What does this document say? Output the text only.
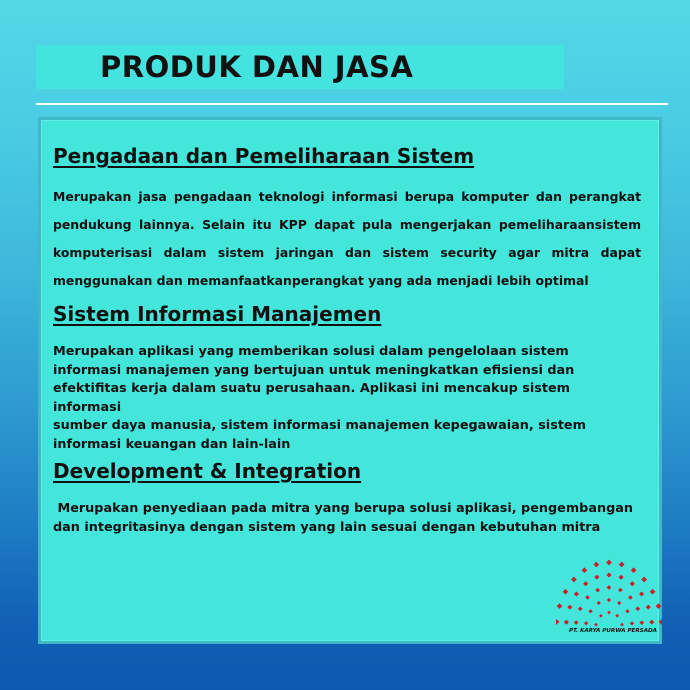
PRODUK DAN JASA
Pengadaan dan Pemeliharaan Sistem
Merupakan jasa pengadaan teknologi informasi berupa komputer dan perangkat
pendukung lainnya. Selain itu KPP dapat pula mengerjakan pemeliharaansistem
komputerisasi dalam sistem jaringan dan sistem security agar mitra dapat
menggunakan dan memanfaatkanperangkat yang ada menjadi lebih optimal
Sistem Informasi Manajemen
Merupakan aplikasi yang memberikan solusi dalam pengelolaan sistem
informasi manajemen yang bertujuan untuk meningkatkan efisiensi dan
efektifitas kerja dalam suatu perusahaan. Aplikasi ini mencakup sistem informasi
sumber daya manusia, sistem informasi manajemen kepegawaian, sistem
informasi keuangan dan lain-lain
Development & Integration
Merupakan penyediaan pada mitra yang berupa solusi aplikasi, pengembangan
dan integritasinya dengan sistem yang lain sesuai dengan kebutuhan mitra
PT. KARYA PURWA PERSADA
